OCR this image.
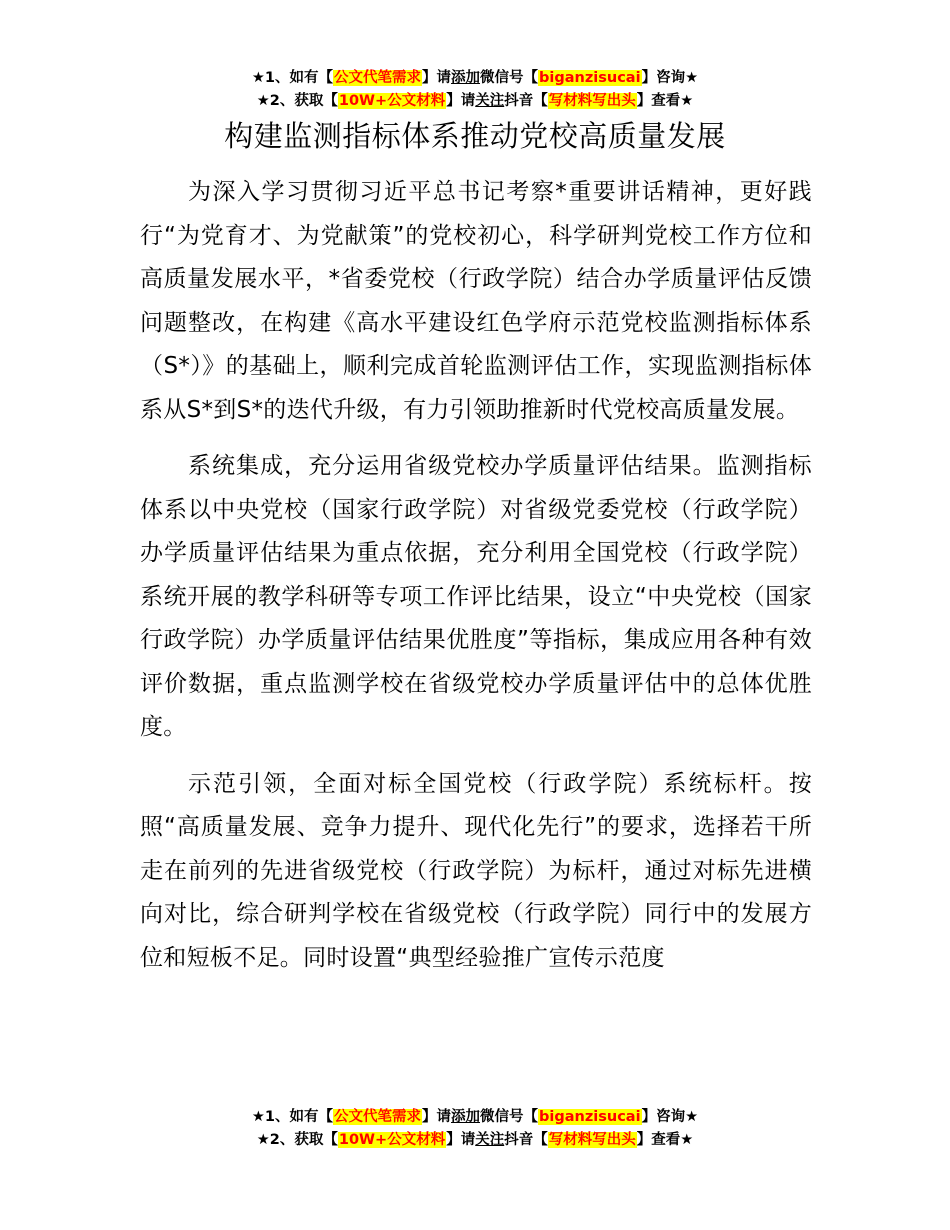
★1、如有【公文代笔需求】请添加微信号【biganzisucai】咨询★
★2、获取【10W+公文材料】请关注抖音【写材料写出头】查看★
构建监测指标体系推动党校高质量发展

为深入学习贯彻习近平总书记考察*重要讲话精神，更好践行“为党育才、为党献策”的党校初心，科学研判党校工作方位和高质量发展水平，*省委党校（行政学院）结合办学质量评估反馈问题整改，在构建《高水平建设红色学府示范党校监测指标体系（S*）》的基础上，顺利完成首轮监测评估工作，实现监测指标体系从S*到S*的迭代升级，有力引领助推新时代党校高质量发展。

系统集成，充分运用省级党校办学质量评估结果。监测指标体系以中央党校（国家行政学院）对省级党委党校（行政学院）办学质量评估结果为重点依据，充分利用全国党校（行政学院）系统开展的教学科研等专项工作评比结果，设立“中央党校（国家行政学院）办学质量评估结果优胜度”等指标，集成应用各种有效评价数据，重点监测学校在省级党校办学质量评估中的总体优胜度。

示范引领，全面对标全国党校（行政学院）系统标杆。按照“高质量发展、竞争力提升、现代化先行”的要求，选择若干所走在前列的先进省级党校（行政学院）为标杆，通过对标先进横向对比，综合研判学校在省级党校（行政学院）同行中的发展方位和短板不足。同时设置“典型经验推广宣传示范度

★1、如有【公文代笔需求】请添加微信号【biganzisucai】咨询★
★2、获取【10W+公文材料】请关注抖音【写材料写出头】查看★
